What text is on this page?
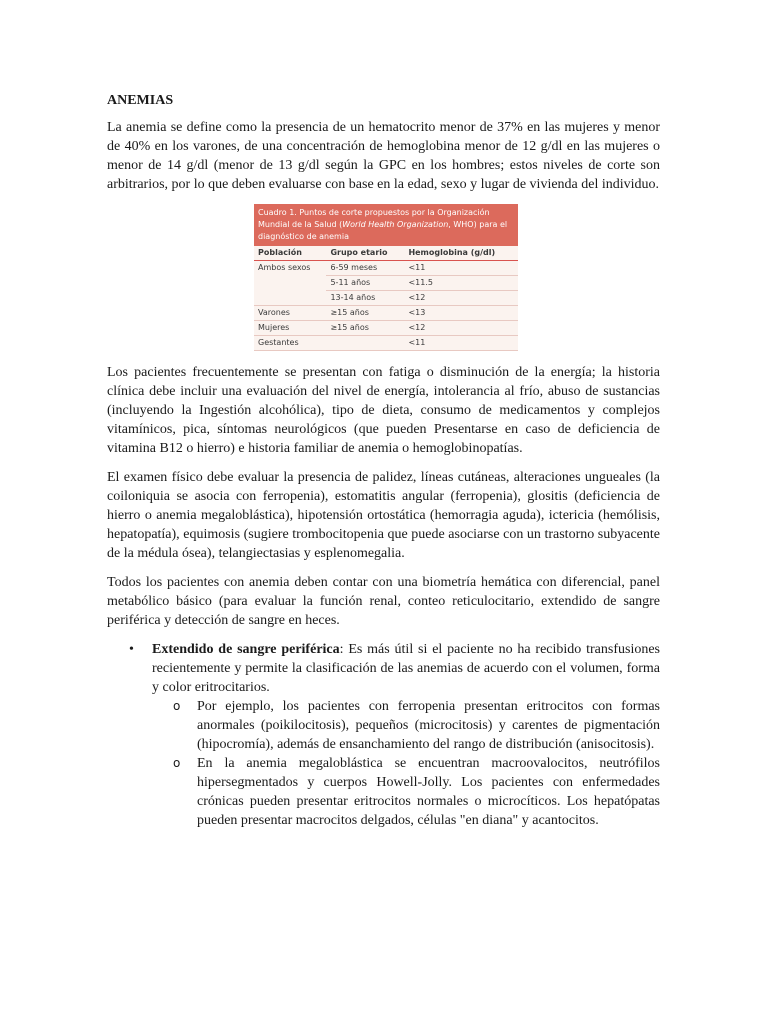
ANEMIAS

La anemia se define como la presencia de un hematocrito menor de 37% en las mujeres y menor de 40% en los varones, de una concentración de hemoglobina menor de 12 g/dl en las mujeres o menor de 14 g/dl (menor de 13 g/dl según la GPC en los hombres; estos niveles de corte son arbitrarios, por lo que deben evaluarse con base en la edad, sexo y lugar de vivienda del individuo.

Cuadro 1. Puntos de corte propuestos por la Organización Mundial de la Salud (World Health Organization, WHO) para el diagnóstico de anemia
Población	Grupo etario	Hemoglobina (g/dl)
Ambos sexos	6-59 meses	<11
	5-11 años	<11.5
	13-14 años	<12
Varones	≥15 años	<13
Mujeres	≥15 años	<12
Gestantes		<11

Los pacientes frecuentemente se presentan con fatiga o disminución de la energía; la historia clínica debe incluir una evaluación del nivel de energía, intolerancia al frío, abuso de sustancias (incluyendo la Ingestión alcohólica), tipo de dieta, consumo de medicamentos y complejos vitamínicos, pica, síntomas neurológicos (que pueden Presentarse en caso de deficiencia de vitamina B12 o hierro) e historia familiar de anemia o hemoglobinopatías.

El examen físico debe evaluar la presencia de palidez, líneas cutáneas, alteraciones ungueales (la coiloniquia se asocia con ferropenia), estomatitis angular (ferropenia), glositis (deficiencia de hierro o anemia megaloblástica), hipotensión ortostática (hemorragia aguda), ictericia (hemólisis, hepatopatía), equimosis (sugiere trombocitopenia que puede asociarse con un trastorno subyacente de la médula ósea), telangiectasias y esplenomegalia.

Todos los pacientes con anemia deben contar con una biometría hemática con diferencial, panel metabólico básico (para evaluar la función renal, conteo reticulocitario, extendido de sangre periférica y detección de sangre en heces.

• Extendido de sangre periférica: Es más útil si el paciente no ha recibido transfusiones recientemente y permite la clasificación de las anemias de acuerdo con el volumen, forma y color eritrocitarios.
o Por ejemplo, los pacientes con ferropenia presentan eritrocitos con formas anormales (poikilocitosis), pequeños (microcitosis) y carentes de pigmentación (hipocromía), además de ensanchamiento del rango de distribución (anisocitosis).
o En la anemia megaloblástica se encuentran macroovalocitos, neutrófilos hipersegmentados y cuerpos Howell-Jolly. Los pacientes con enfermedades crónicas pueden presentar eritrocitos normales o microcíticos. Los hepatópatas pueden presentar macrocitos delgados, células "en diana" y acantocitos.
